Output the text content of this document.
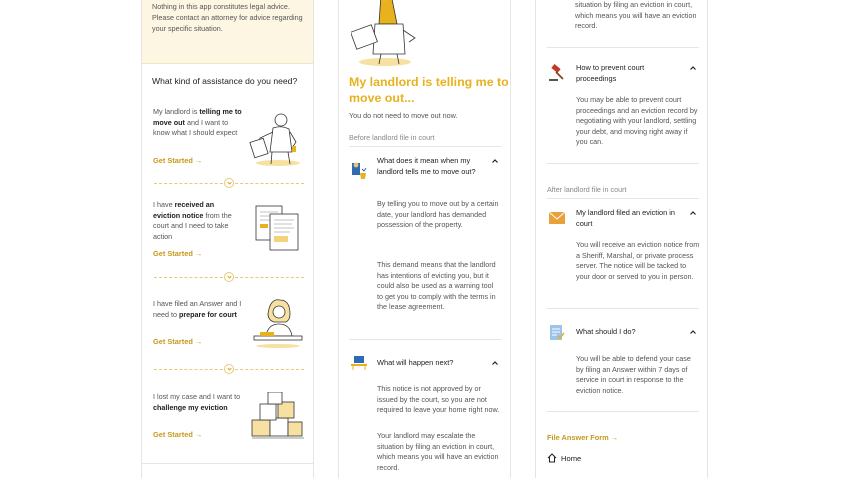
Nothing in this app constitutes legal advice. Please contact an attorney for advice regarding your specific situation.

What kind of assistance do you need?
My landlord is telling me to move out and I want to know what I should expect
Get Started →
I have received an eviction notice from the court and I need to take action
Get Started →
I have filed an Answer and I need to prepare for court
Get Started →
I lost my case and I want to challenge my eviction
Get Started →
My landlord is telling me to move out...
You do not need to move out now.
Before landlord file in court
What does it mean when my landlord tells me to move out?
By telling you to move out by a certain date, your landlord has demanded possession of the property.
This demand means that the landlord has intentions of evicting you, but it could also be used as a warning tool to get you to comply with the terms in the lease agreement.
What will happen next?
This notice is not approved by or issued by the court, so you are not required to leave your home right now.
Your landlord may escalate the situation by filing an eviction in court, which means you will have an eviction record.
situation by filing an eviction in court, which means you will have an eviction record.
How to prevent court proceedings
You may be able to prevent court proceedings and an eviction record by negotiating with your landlord, settling your debt, and moving right away if you can.
After landlord file in court
My landlord filed an eviction in court
You will receive an eviction notice from a Sheriff, Marshal, or private process server. The notice will be tacked to your door or served to you in person.
What should I do?
You will be able to defend your case by filing an Answer within 7 days of service in court in response to the eviction notice.
File Answer Form →
Home
